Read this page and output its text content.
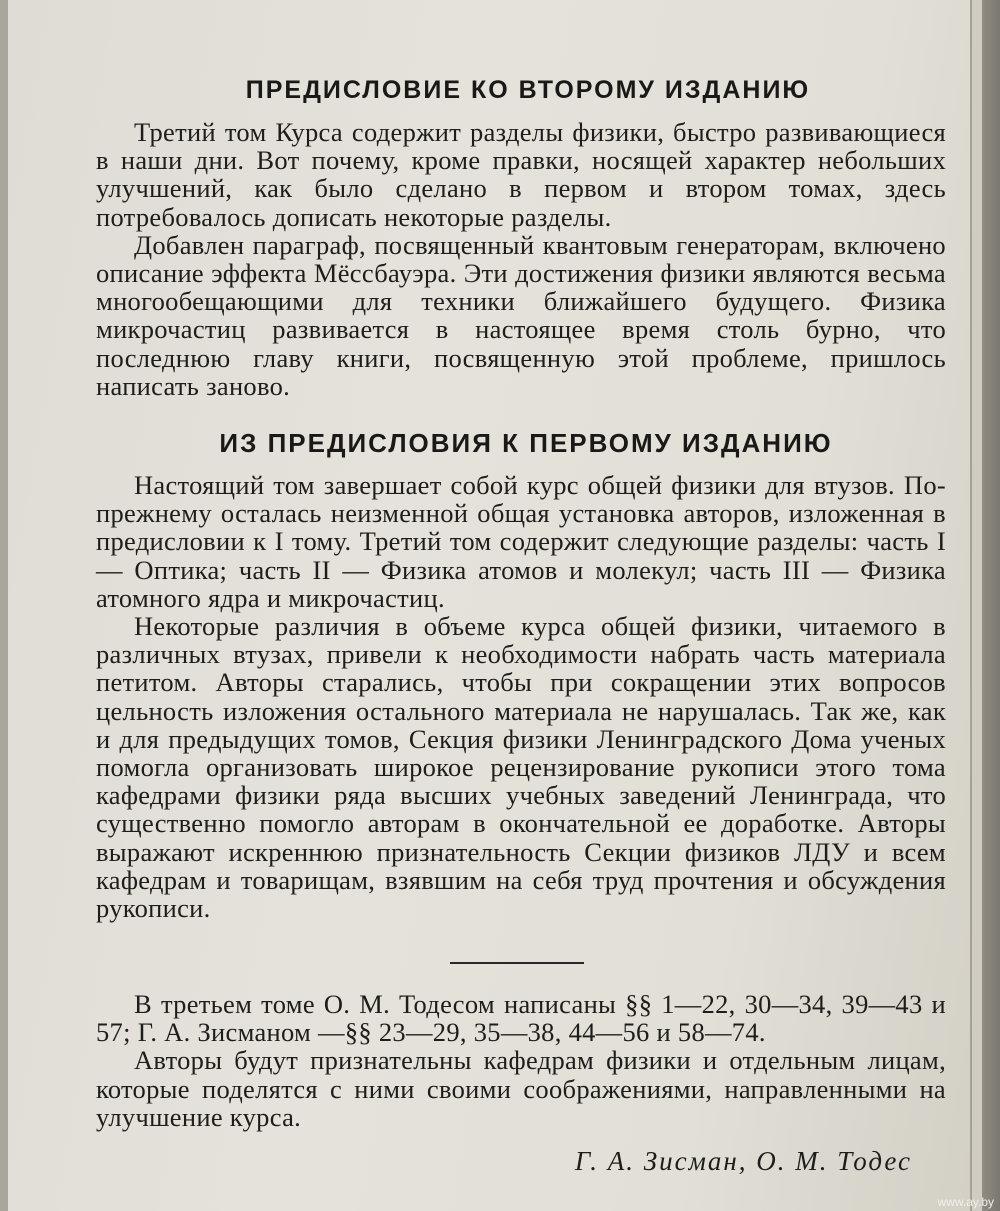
ПРЕДИСЛОВИЕ КО ВТОРОМУ ИЗДАНИЮ

Третий том Курса содержит разделы физики, быстро развивающиеся в наши дни. Вот почему, кроме правки, носящей характер небольших улучшений, как было сделано в первом и втором томах, здесь потребовалось дописать некоторые разделы.

Добавлен параграф, посвященный квантовым генераторам, включено описание эффекта Мёссбауэра. Эти достижения физики являются весьма многообещающими для техники ближайшего будущего. Физика микрочастиц развивается в настоящее время столь бурно, что последнюю главу книги, посвященную этой проблеме, пришлось написать заново.

ИЗ ПРЕДИСЛОВИЯ К ПЕРВОМУ ИЗДАНИЮ

Настоящий том завершает собой курс общей физики для втузов. По-прежнему осталась неизменной общая установка авторов, изложенная в предисловии к I тому. Третий том содержит следующие разделы: часть I — Оптика; часть II — Физика атомов и молекул; часть III — Физика атомного ядра и микрочастиц.

Некоторые различия в объеме курса общей физики, читаемого в различных втузах, привели к необходимости набрать часть материала петитом. Авторы старались, чтобы при сокращении этих вопросов цельность изложения остального материала не нарушалась. Так же, как и для предыдущих томов, Секция физики Ленинградского Дома ученых помогла организовать широкое рецензирование рукописи этого тома кафедрами физики ряда высших учебных заведений Ленинграда, что существенно помогло авторам в окончательной ее доработке. Авторы выражают искреннюю признательность Секции физиков ЛДУ и всем кафедрам и товарищам, взявшим на себя труд прочтения и обсуждения рукописи.

В третьем томе О. М. Тодесом написаны §§ 1—22, 30—34, 39—43 и 57; Г. А. Зисманом —§§ 23—29, 35—38, 44—56 и 58—74.

Авторы будут признательны кафедрам физики и отдельным лицам, которые поделятся с ними своими соображениями, направленными на улучшение курса.

Г. А. Зисман, О. М. Тодес
www.ay.by
